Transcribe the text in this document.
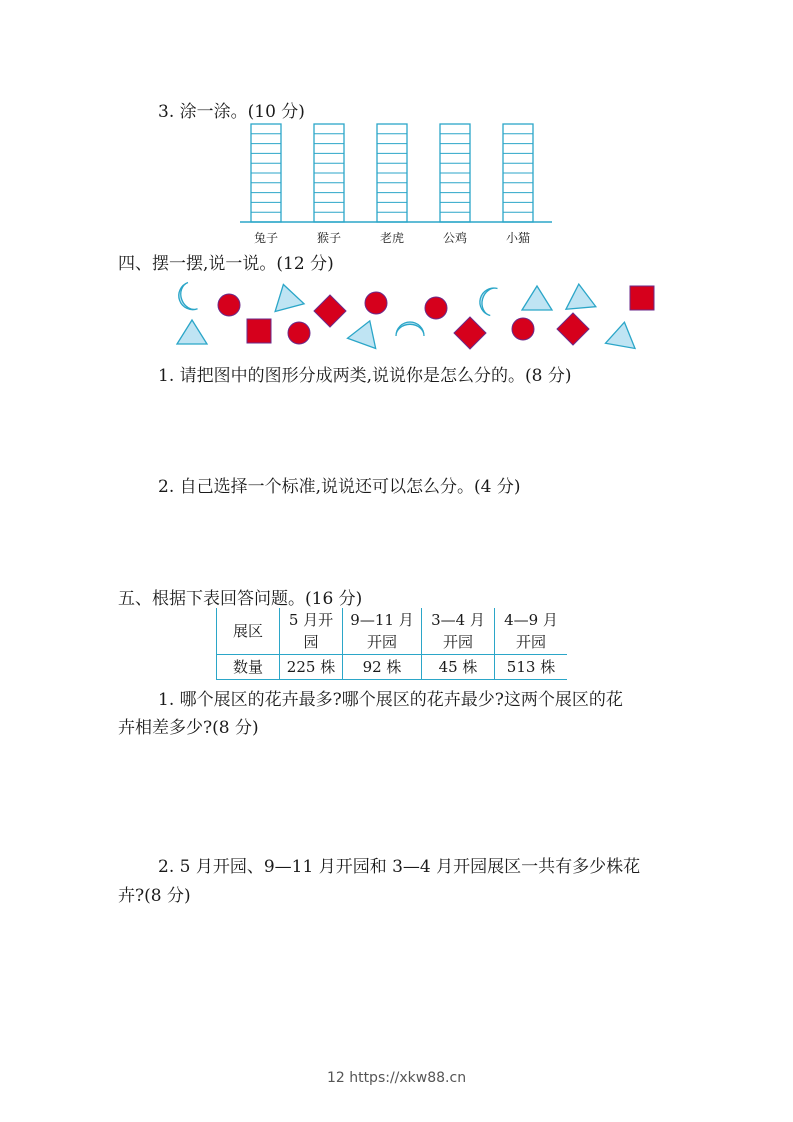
3. 涂一涂。(10 分)
兔子	猴子	老虎	公鸡	小猫
四、摆一摆,说一说。(12 分)
1. 请把图中的图形分成两类,说说你是怎么分的。(8 分)
2. 自己选择一个标准,说说还可以怎么分。(4 分)
五、根据下表回答问题。(16 分)
展区	5 月开园	9—11 月开园	3—4 月开园	4—9 月开园
数量	225 株	92 株	45 株	513 株
1. 哪个展区的花卉最多?哪个展区的花卉最少?这两个展区的花
卉相差多少?(8 分)
2. 5 月开园、9—11 月开园和 3—4 月开园展区一共有多少株花
卉?(8 分)
12 https://xkw88.cn
